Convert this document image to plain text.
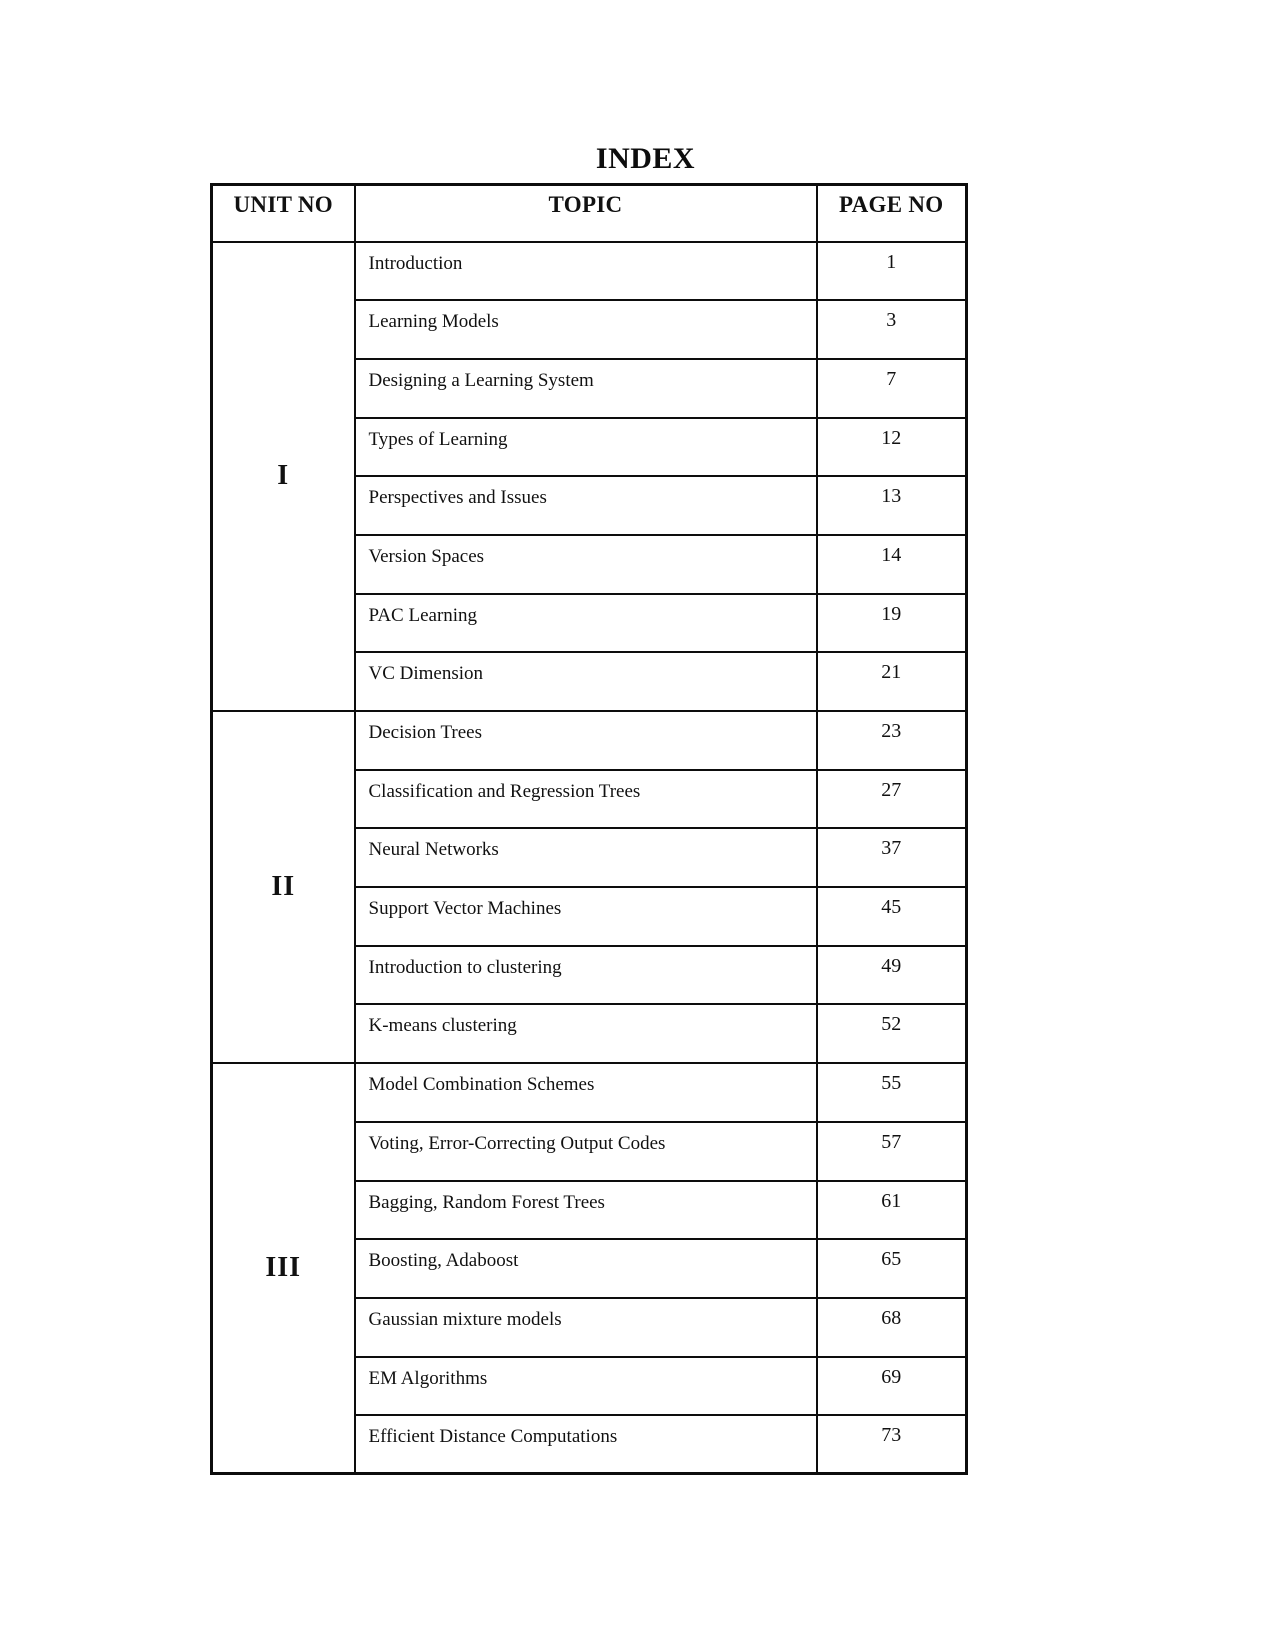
INDEX
UNIT NO	TOPIC	PAGE NO
I	Introduction	1
	Learning Models	3
	Designing a Learning System	7
	Types of Learning	12
	Perspectives and Issues	13
	Version Spaces	14
	PAC Learning	19
	VC Dimension	21
II	Decision Trees	23
	Classification and Regression Trees	27
	Neural Networks	37
	Support Vector Machines	45
	Introduction to clustering	49
	K-means clustering	52
III	Model Combination Schemes	55
	Voting, Error-Correcting Output Codes	57
	Bagging, Random Forest Trees	61
	Boosting, Adaboost	65
	Gaussian mixture models	68
	EM Algorithms	69
	Efficient Distance Computations	73
